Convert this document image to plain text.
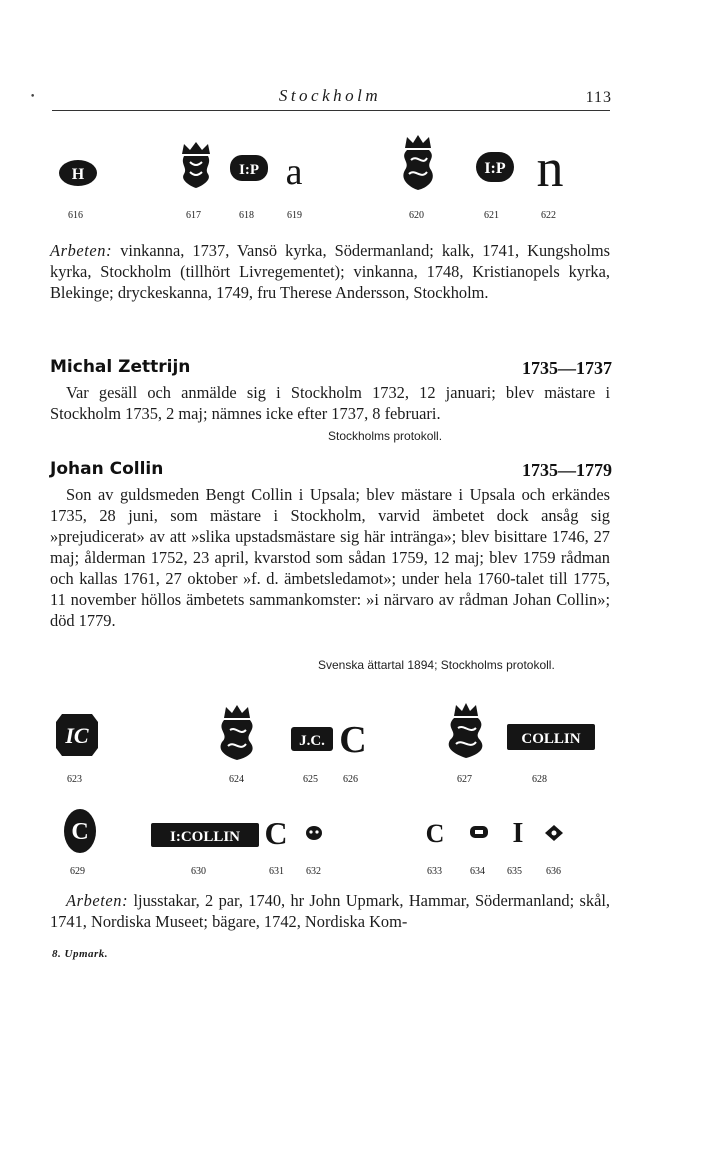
•	Stockholm	113
H	I:P a	I:P n
616	617	618	619	620	621	622

Arbeten: vinkanna, 1737, Vansö kyrka, Södermanland; kalk, 1741, Kungsholms kyrka, Stockholm (tillhört Livregementet); vinkanna, 1748, Kristianopels kyrka, Blekinge; dryckeskanna, 1749, fru Therese Andersson, Stockholm.

Michal Zettrijn	1735—1737

Var gesäll och anmälde sig i Stockholm 1732, 12 januari; blev mästare i Stockholm 1735, 2 maj; nämnes icke efter 1737, 8 februari.

Stockholms protokoll.
Johan Collin	1735—1779

Son av guldsmeden Bengt Collin i Upsala; blev mästare i Upsala och erkändes 1735, 28 juni, som mästare i Stockholm, varvid ämbetet dock ansåg sig »prejudicerat» av att »slika upstadsmästare sig här intränga»; blev bisittare 1746, 27 maj; ålderman 1752, 23 april, kvarstod som sådan 1759, 12 maj; blev 1759 rådman och kallas 1761, 27 oktober »f. d. ämbetsledamot»; under hela 1760-talet till 1775, 11 november höllos ämbetets sammankomster: »i närvaro av rådman Johan Collin»; död 1779.

Svenska ättartal 1894; Stockholms protokoll.
IC	J.C. C	COLLIN
623	624	625	626	627	628
C	I:COLLIN C	C I
629	630	631 632	633	634 635 636

Arbeten: ljusstakar, 2 par, 1740, hr John Upmark, Hammar, Södermanland; skål, 1741, Nordiska Museet; bägare, 1742, Nordiska Kom-

8. Upmark.
